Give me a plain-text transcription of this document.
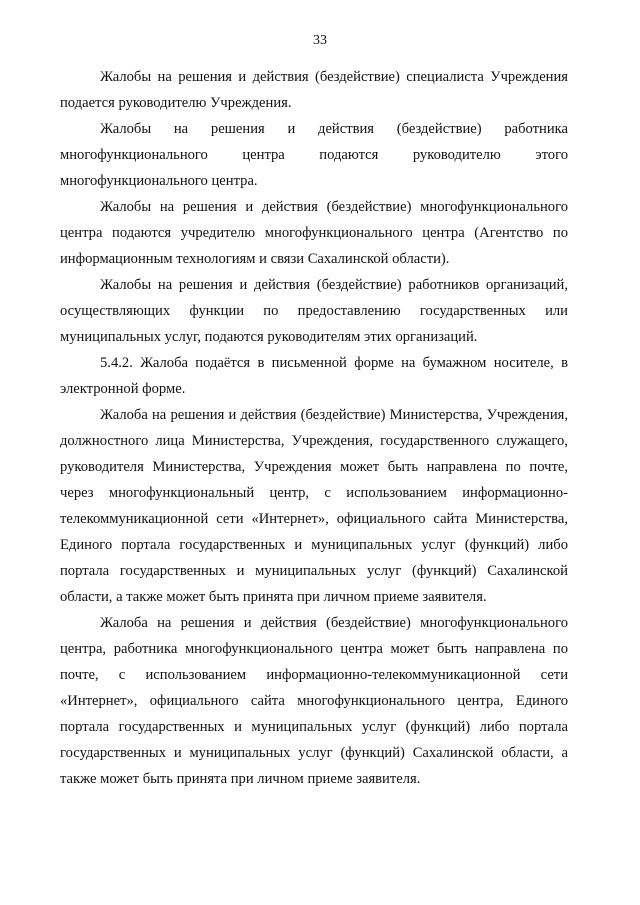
33

Жалобы на решения и действия (бездействие) специалиста Учреждения подается руководителю Учреждения.

Жалобы на решения и действия (бездействие) работника многофункционального центра подаются руководителю этого многофункционального центра.

Жалобы на решения и действия (бездействие) многофункционального центра подаются учредителю многофункционального центра (Агентство по информационным технологиям и связи Сахалинской области).

Жалобы на решения и действия (бездействие) работников организаций, осуществляющих функции по предоставлению государственных или муниципальных услуг, подаются руководителям этих организаций.

5.4.2. Жалоба подаётся в письменной форме на бумажном носителе, в электронной форме.

Жалоба на решения и действия (бездействие) Министерства, Учреждения, должностного лица Министерства, Учреждения, государственного служащего, руководителя Министерства, Учреждения может быть направлена по почте, через многофункциональный центр, с использованием информационно-телекоммуникационной сети «Интернет», официального сайта Министерства, Единого портала государственных и муниципальных услуг (функций) либо портала государственных и муниципальных услуг (функций) Сахалинской области, а также может быть принята при личном приеме заявителя.

Жалоба на решения и действия (бездействие) многофункционального центра, работника многофункционального центра может быть направлена по почте, с использованием информационно-телекоммуникационной сети «Интернет», официального сайта многофункционального центра, Единого портала государственных и муниципальных услуг (функций) либо портала государственных и муниципальных услуг (функций) Сахалинской области, а также может быть принята при личном приеме заявителя.
